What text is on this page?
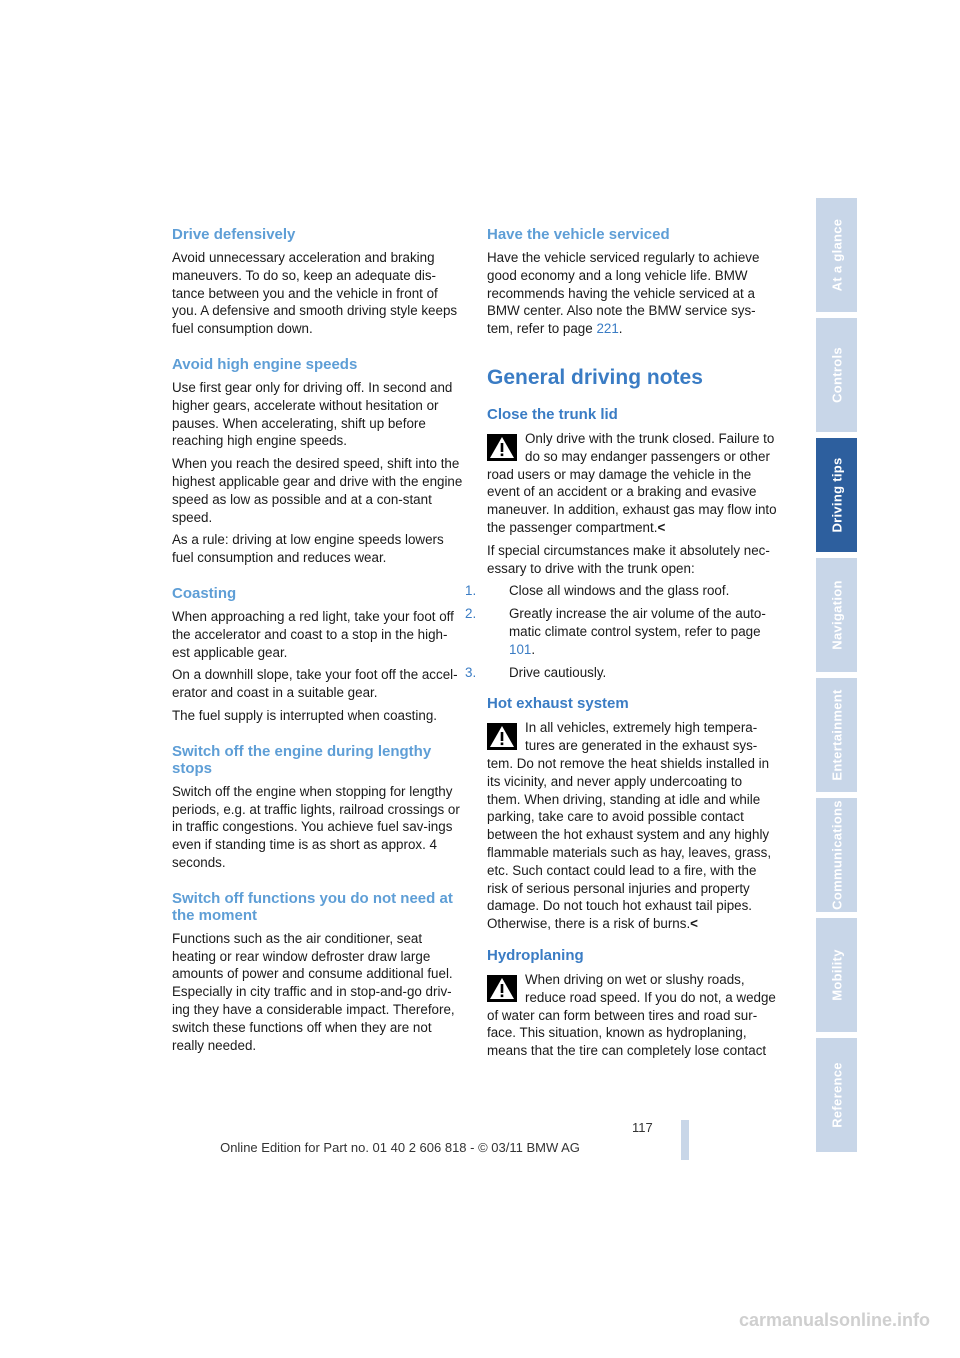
Drive defensively

Avoid unnecessary acceleration and braking maneuvers. To do so, keep an adequate dis-tance between you and the vehicle in front of you. A defensive and smooth driving style keeps fuel consumption down.

Avoid high engine speeds

Use first gear only for driving off. In second and higher gears, accelerate without hesitation or pauses. When accelerating, shift up before reaching high engine speeds.

When you reach the desired speed, shift into the highest applicable gear and drive with the engine speed as low as possible and at a con-stant speed.

As a rule: driving at low engine speeds lowers fuel consumption and reduces wear.

Coasting

When approaching a red light, take your foot off the accelerator and coast to a stop in the high-est applicable gear.

On a downhill slope, take your foot off the accel-erator and coast in a suitable gear.

The fuel supply is interrupted when coasting.

Switch off the engine during lengthy stops

Switch off the engine when stopping for lengthy periods, e.g. at traffic lights, railroad crossings or in traffic congestions. You achieve fuel sav-ings even if standing time is as short as approx. 4 seconds.

Switch off functions you do not need at the moment

Functions such as the air conditioner, seat heating or rear window defroster draw large amounts of power and consume additional fuel. Especially in city traffic and in stop-and-go driv-ing they have a considerable impact. Therefore, switch these functions off when they are not really needed.

Have the vehicle serviced

Have the vehicle serviced regularly to achieve good economy and a long vehicle life. BMW recommends having the vehicle serviced at a BMW center. Also note the BMW service sys-tem, refer to page 221.

General driving notes
Close the trunk lid

Only drive with the trunk closed. Failure to do so may endanger passengers or other road users or may damage the vehicle in the event of an accident or a braking and evasive maneuver. In addition, exhaust gas may flow into the passenger compartment.<

If special circumstances make it absolutely nec-essary to drive with the trunk open:

1. Close all windows and the glass roof.

2. Greatly increase the air volume of the auto-matic climate control system, refer to page 101.

3. Drive cautiously.

Hot exhaust system

In all vehicles, extremely high tempera-tures are generated in the exhaust sys-tem. Do not remove the heat shields installed in its vicinity, and never apply undercoating to them. When driving, standing at idle and while parking, take care to avoid possible contact between the hot exhaust system and any highly flammable materials such as hay, leaves, grass, etc. Such contact could lead to a fire, with the risk of serious personal injuries and property damage. Do not touch hot exhaust tail pipes. Otherwise, there is a risk of burns.<

Hydroplaning

When driving on wet or slushy roads, reduce road speed. If you do not, a wedge of water can form between tires and road sur-face. This situation, known as hydroplaning, means that the tire can completely lose contact

At a glance
Controls
Driving tips
Navigation
Entertainment
Communications
Mobility
Reference
117
Online Edition for Part no. 01 40 2 606 818 - © 03/11 BMW AG
carmanualsonline.info
